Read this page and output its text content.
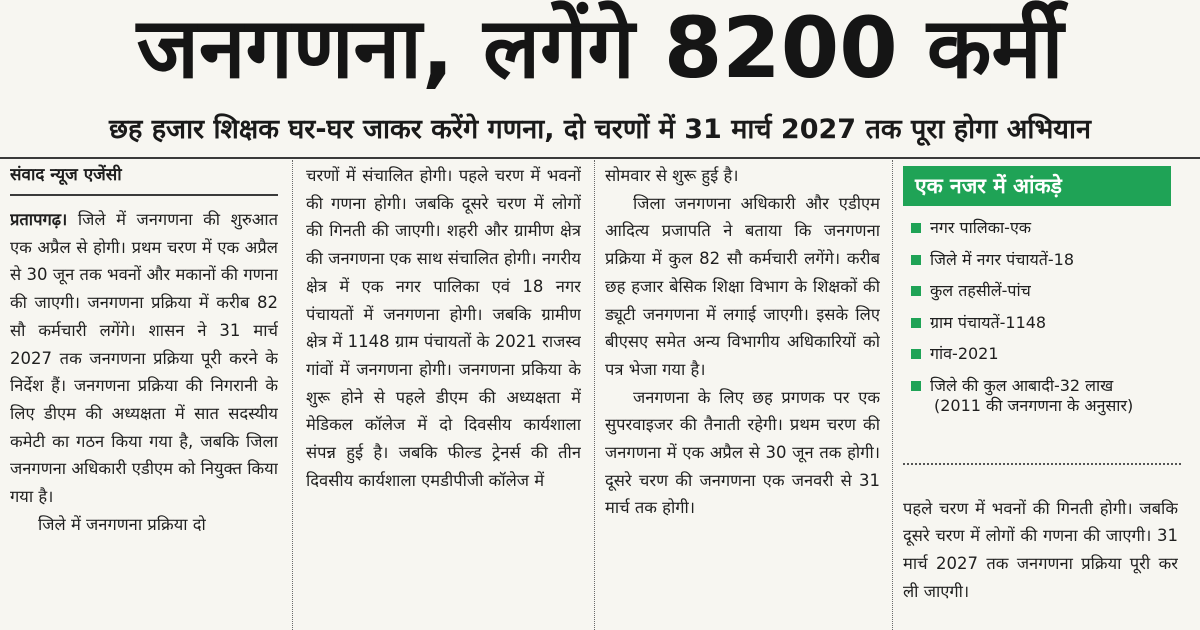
जनगणना, लगेंगे 8200 कर्मी
छह हजार शिक्षक घर-घर जाकर करेंगे गणना, दो चरणों में 31 मार्च 2027 तक पूरा होगा अभियान
संवाद न्यूज एजेंसी

प्रतापगढ़। जिले में जनगणना की शुरुआत एक अप्रैल से होगी। प्रथम चरण में एक अप्रैल से 30 जून तक भवनों और मकानों की गणना की जाएगी। जनगणना प्रक्रिया में करीब 82 सौ कर्मचारी लगेंगे। शासन ने 31 मार्च 2027 तक जनगणना प्रक्रिया पूरी करने के निर्देश हैं। जनगणना प्रक्रिया की निगरानी के लिए डीएम की अध्यक्षता में सात सदस्यीय कमेटी का गठन किया गया है, जबकि जिला जनगणना अधिकारी एडीएम को नियुक्त किया गया है।

जिले में जनगणना प्रक्रिया दो

चरणों में संचालित होगी। पहले चरण में भवनों की गणना होगी। जबकि दूसरे चरण में लोगों की गिनती की जाएगी। शहरी और ग्रामीण क्षेत्र की जनगणना एक साथ संचालित होगी। नगरीय क्षेत्र में एक नगर पालिका एवं 18 नगर पंचायतों में जनगणना होगी। जबकि ग्रामीण क्षेत्र में 1148 ग्राम पंचायतों के 2021 राजस्व गांवों में जनगणना होगी। जनगणना प्रकिया के शुरू होने से पहले डीएम की अध्यक्षता में मेडिकल कॉलेज में दो दिवसीय कार्यशाला संपन्न हुई है। जबकि फील्ड ट्रेनर्स की तीन दिवसीय कार्यशाला एमडीपीजी कॉलेज में

सोमवार से शुरू हुई है।

जिला जनगणना अधिकारी और एडीएम आदित्य प्रजापति ने बताया कि जनगणना प्रक्रिया में कुल 82 सौ कर्मचारी लगेंगे। करीब छह हजार बेसिक शिक्षा विभाग के शिक्षकों की ड्यूटी जनगणना में लगाई जाएगी। इसके लिए बीएसए समेत अन्य विभागीय अधिकारियों को पत्र भेजा गया है।

जनगणना के लिए छह प्रगणक पर एक सुपरवाइजर की तैनाती रहेगी। प्रथम चरण की जनगणना में एक अप्रैल से 30 जून तक होगी। दूसरे चरण की जनगणना एक जनवरी से 31 मार्च तक होगी।

एक नजर में आंकड़े
नगर पालिका-एक
जिले में नगर पंचायतें-18
कुल तहसीलें-पांच
ग्राम पंचायतें-1148
गांव-2021
जिले की कुल आबादी-32 लाख
(2011 की जनगणना के अनुसार)

पहले चरण में भवनों की गिनती होगी। जबकि दूसरे चरण में लोगों की गणना की जाएगी। 31 मार्च 2027 तक जनगणना प्रक्रिया पूरी कर ली जाएगी।
